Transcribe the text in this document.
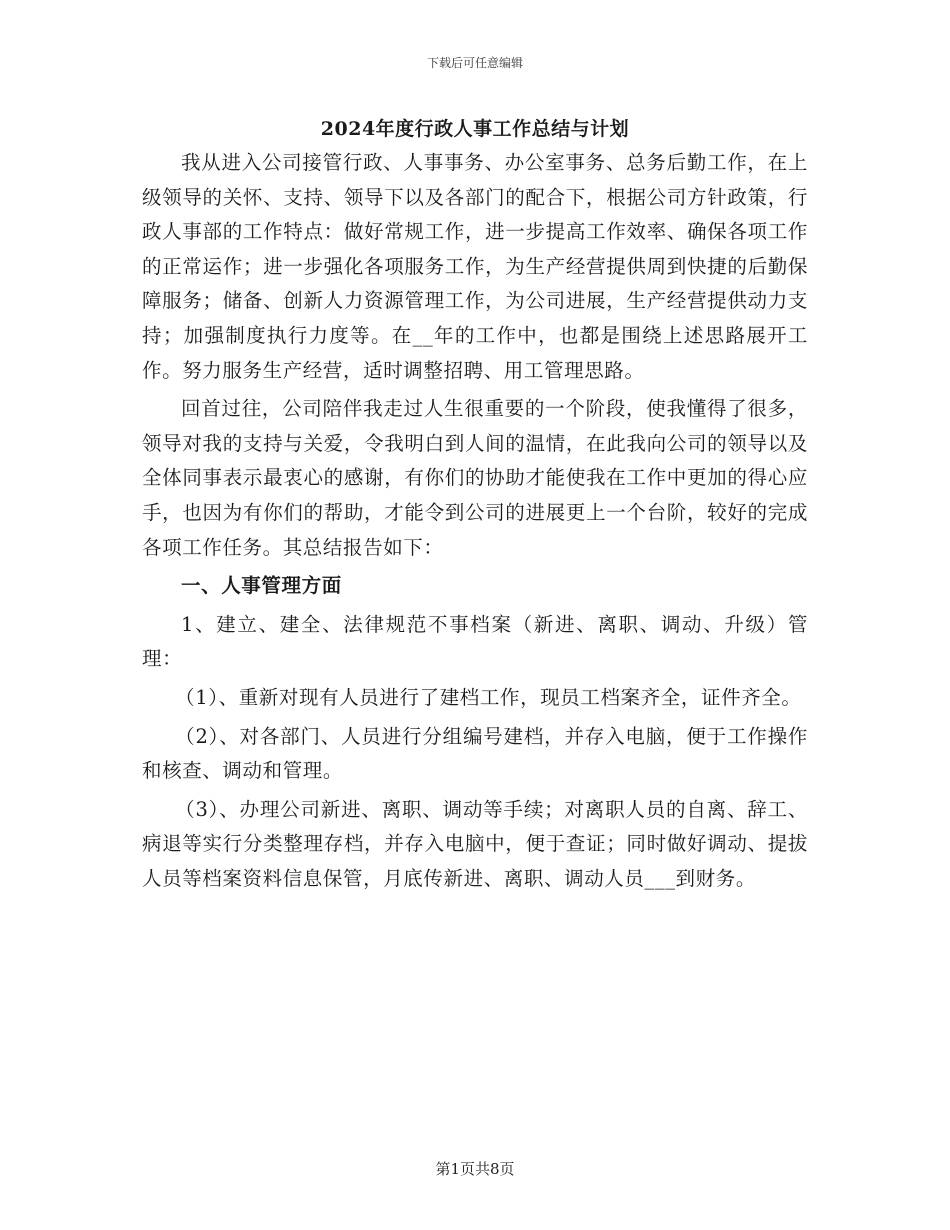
下载后可任意编辑
2024年度行政人事工作总结与计划

我从进入公司接管行政、人事事务、办公室事务、总务后勤工作，在上级领导的关怀、支持、领导下以及各部门的配合下，根据公司方针政策，行政人事部的工作特点：做好常规工作，进一步提高工作效率、确保各项工作的正常运作；进一步强化各项服务工作，为生产经营提供周到快捷的后勤保障服务；储备、创新人力资源管理工作，为公司进展，生产经营提供动力支持；加强制度执行力度等。在__年的工作中，也都是围绕上述思路展开工作。努力服务生产经营，适时调整招聘、用工管理思路。

回首过往，公司陪伴我走过人生很重要的一个阶段，使我懂得了很多，领导对我的支持与关爱，令我明白到人间的温情，在此我向公司的领导以及全体同事表示最衷心的感谢，有你们的协助才能使我在工作中更加的得心应手，也因为有你们的帮助，才能令到公司的进展更上一个台阶，较好的完成各项工作任务。其总结报告如下：

一、人事管理方面

1、建立、建全、法律规范不事档案（新进、离职、调动、升级）管理：

（1）、重新对现有人员进行了建档工作，现员工档案齐全，证件齐全。

（2）、对各部门、人员进行分组编号建档，并存入电脑，便于工作操作和核查、调动和管理。

（3）、办理公司新进、离职、调动等手续；对离职人员的自离、辞工、病退等实行分类整理存档，并存入电脑中，便于查证；同时做好调动、提拔人员等档案资料信息保管，月底传新进、离职、调动人员___到财务。

第1页共8页
